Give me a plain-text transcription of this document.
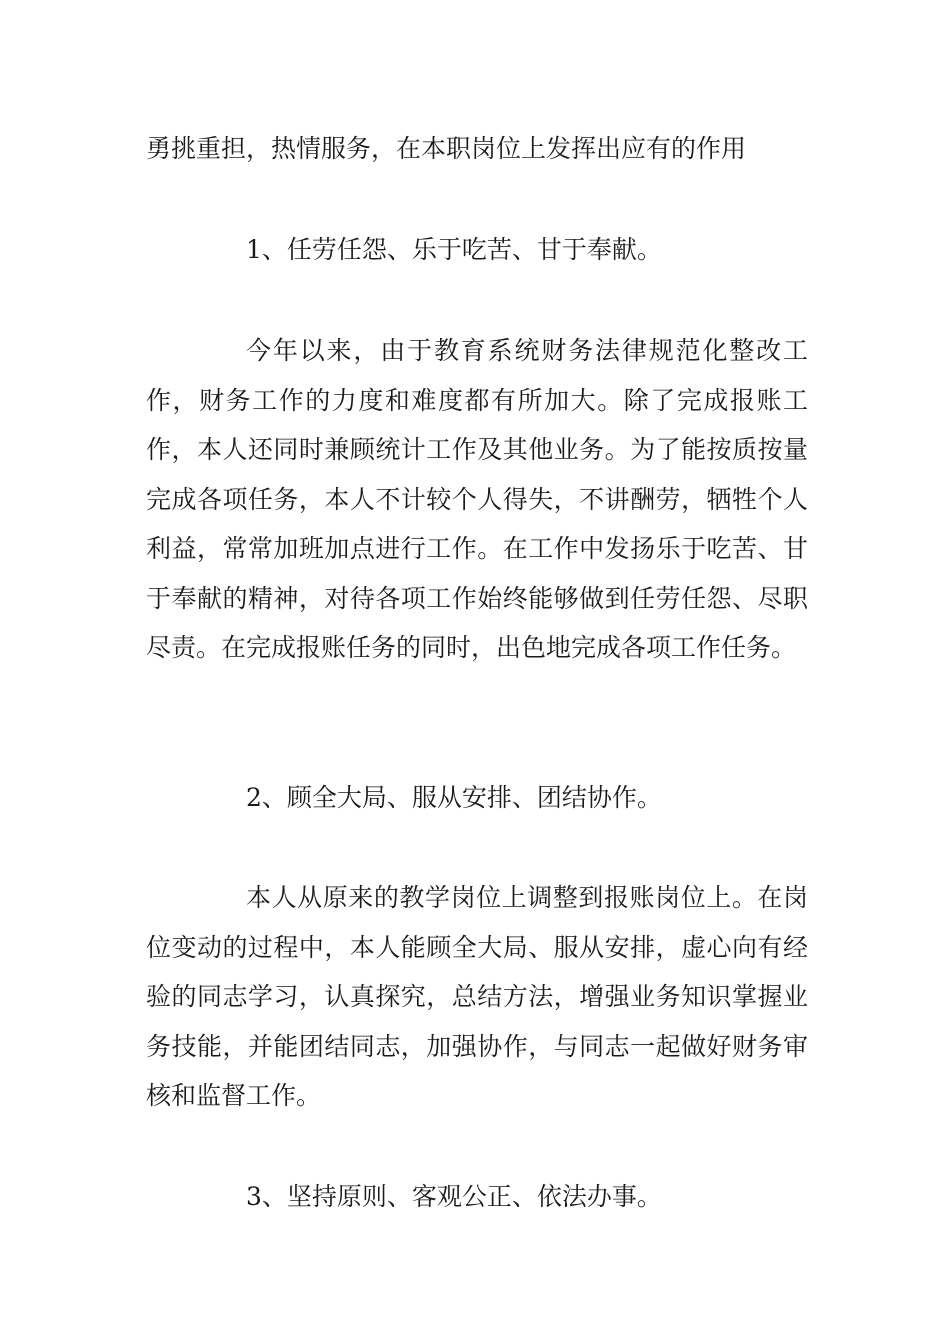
勇挑重担，热情服务，在本职岗位上发挥出应有的作用

1、任劳任怨、乐于吃苦、甘于奉献。

今年以来，由于教育系统财务法律规范化整改工作，财务工作的力度和难度都有所加大。除了完成报账工作，本人还同时兼顾统计工作及其他业务。为了能按质按量完成各项任务，本人不计较个人得失，不讲酬劳，牺牲个人利益，常常加班加点进行工作。在工作中发扬乐于吃苦、甘于奉献的精神，对待各项工作始终能够做到任劳任怨、尽职尽责。在完成报账任务的同时，出色地完成各项工作任务。

2、顾全大局、服从安排、团结协作。

本人从原来的教学岗位上调整到报账岗位上。在岗位变动的过程中，本人能顾全大局、服从安排，虚心向有经验的同志学习，认真探究，总结方法，增强业务知识掌握业务技能，并能团结同志，加强协作，与同志一起做好财务审核和监督工作。

3、坚持原则、客观公正、依法办事。
